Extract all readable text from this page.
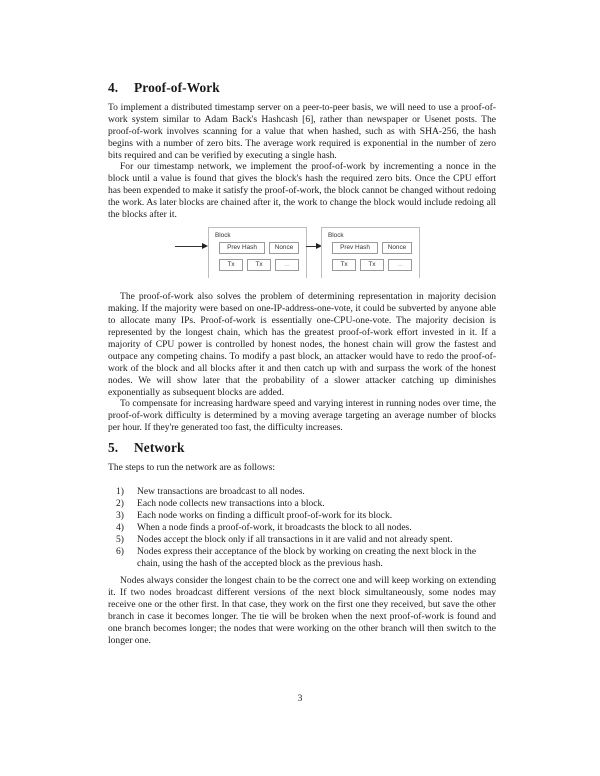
4. Proof-of-Work

To implement a distributed timestamp server on a peer-to-peer basis, we will need to use a proof-of-work system similar to Adam Back's Hashcash [6], rather than newspaper or Usenet posts. The proof-of-work involves scanning for a value that when hashed, such as with SHA-256, the hash begins with a number of zero bits. The average work required is exponential in the number of zero bits required and can be verified by executing a single hash.

For our timestamp network, we implement the proof-of-work by incrementing a nonce in the block until a value is found that gives the block's hash the required zero bits. Once the CPU effort has been expended to make it satisfy the proof-of-work, the block cannot be changed without redoing the work. As later blocks are chained after it, the work to change the block would include redoing all the blocks after it.

Block
Prev Hash	Nonce
Tx	Tx	...
Block
Prev Hash	Nonce
Tx	Tx	...

The proof-of-work also solves the problem of determining representation in majority decision making. If the majority were based on one-IP-address-one-vote, it could be subverted by anyone able to allocate many IPs. Proof-of-work is essentially one-CPU-one-vote. The majority decision is represented by the longest chain, which has the greatest proof-of-work effort invested in it. If a majority of CPU power is controlled by honest nodes, the honest chain will grow the fastest and outpace any competing chains. To modify a past block, an attacker would have to redo the proof-of-work of the block and all blocks after it and then catch up with and surpass the work of the honest nodes. We will show later that the probability of a slower attacker catching up diminishes exponentially as subsequent blocks are added.

To compensate for increasing hardware speed and varying interest in running nodes over time, the proof-of-work difficulty is determined by a moving average targeting an average number of blocks per hour. If they're generated too fast, the difficulty increases.

5. Network

The steps to run the network are as follows:

1)	New transactions are broadcast to all nodes.
2)	Each node collects new transactions into a block.
3)	Each node works on finding a difficult proof-of-work for its block.
4)	When a node finds a proof-of-work, it broadcasts the block to all nodes.
5)	Nodes accept the block only if all transactions in it are valid and not already spent.
6)	Nodes express their acceptance of the block by working on creating the next block in the chain, using the hash of the accepted block as the previous hash.

Nodes always consider the longest chain to be the correct one and will keep working on extending it. If two nodes broadcast different versions of the next block simultaneously, some nodes may receive one or the other first. In that case, they work on the first one they received, but save the other branch in case it becomes longer. The tie will be broken when the next proof-of-work is found and one branch becomes longer; the nodes that were working on the other branch will then switch to the longer one.

3
